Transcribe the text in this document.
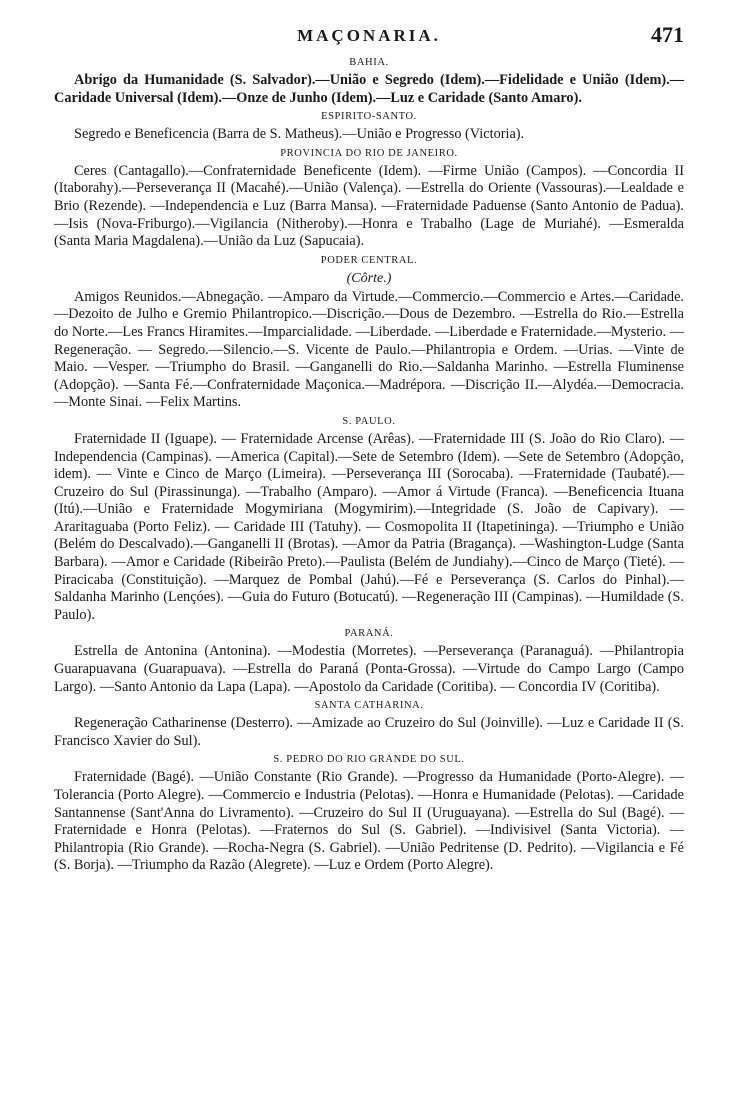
MAÇONARIA.	471
BAHIA.

Abrigo da Humanidade (S. Salvador).—União e Segredo (Idem).—Fidelidade e União (Idem).—Caridade Universal (Idem).—Onze de Junho (Idem).—Luz e Caridade (Santo Amaro).

ESPIRITO-SANTO.

Segredo e Beneficencia (Barra de S. Matheus).—União e Progresso (Victoria).

PROVINCIA DO RIO DE JANEIRO.

Ceres (Cantagallo).—Confraternidade Beneficente (Idem). —Firme União (Campos). —Concordia II (Itaborahy).—Perseverança II (Macahé).—União (Valença). —Estrella do Oriente (Vassouras).—Lealdade e Brio (Rezende). —Independencia e Luz (Barra Mansa). —Fraternidade Paduense (Santo Antonio de Padua). —Isis (Nova-Friburgo).—Vigilancia (Nitheroby).—Honra e Trabalho (Lage de Muriahé). —Esmeralda (Santa Maria Magdalena).—União da Luz (Sapucaia).

PODER CENTRAL.
(Côrte.)

Amigos Reunidos.—Abnegação. —Amparo da Virtude.—Commercio.—Commercio e Artes.—Caridade.—Dezoito de Julho e Gremio Philantropico.—Discrição.—Dous de Dezembro. —Estrella do Rio.—Estrella do Norte.—Les Francs Hiramites.—Imparcialidade. —Liberdade. —Liberdade e Fraternidade.—Mysterio. — Regeneração. — Segredo.—Silencio.—S. Vicente de Paulo.—Philantropia e Ordem. —Urias. —Vinte de Maio. —Vesper. —Triumpho do Brasil. —Ganganelli do Rio.—Saldanha Marinho. —Estrella Fluminense (Adopção). —Santa Fé.—Confraternidade Maçonica.—Madrépora. —Discrição II.—Alydéa.—Democracia. —Monte Sinai. —Felix Martins.

S. PAULO.

Fraternidade II (Iguape). — Fraternidade Arcense (Arêas). —Fraternidade III (S. João do Rio Claro). —Independencia (Campinas). —America (Capital).—Sete de Setembro (Idem). —Sete de Setembro (Adopção, idem). — Vinte e Cinco de Março (Limeira). —Perseverança III (Sorocaba). —Fraternidade (Taubaté).—Cruzeiro do Sul (Pirassinunga). —Trabalho (Amparo). —Amor á Virtude (Franca). —Beneficencia Ituana (Itú).—União e Fraternidade Mogymiriana (Mogymirim).—Integridade (S. João de Capivary). —Araritaguaba (Porto Feliz). — Caridade III (Tatuhy). — Cosmopolita II (Itapetininga). —Triumpho e União (Belém do Descalvado).—Ganganelli II (Brotas). —Amor da Patria (Bragança). —Washington-Ludge (Santa Barbara). —Amor e Caridade (Ribeirão Preto).—Paulista (Belém de Jundiahy).—Cinco de Março (Tieté). —Piracicaba (Constituição). —Marquez de Pombal (Jahú).—Fé e Perseverança (S. Carlos do Pinhal).—Saldanha Marinho (Lençóes). —Guia do Futuro (Botucatú). —Regeneração III (Campinas). —Humildade (S. Paulo).

PARANÁ.

Estrella de Antonina (Antonina). —Modestia (Morretes). —Perseverança (Paranaguá). —Philantropia Guarapuavana (Guarapuava). —Estrella do Paraná (Ponta-Grossa). —Virtude do Campo Largo (Campo Largo). —Santo Antonio da Lapa (Lapa). —Apostolo da Caridade (Coritiba). — Concordia IV (Coritiba).

SANTA CATHARINA.

Regeneração Catharinense (Desterro). —Amizade ao Cruzeiro do Sul (Joinville). —Luz e Caridade II (S. Francisco Xavier do Sul).

S. PEDRO DO RIO GRANDE DO SUL.

Fraternidade (Bagé). —União Constante (Rio Grande). —Progresso da Humanidade (Porto-Alegre). —Tolerancia (Porto Alegre). —Commercio e Industria (Pelotas). —Honra e Humanidade (Pelotas). —Caridade Santannense (Sant'Anna do Livramento). —Cruzeiro do Sul II (Uruguayana). —Estrella do Sul (Bagé). —Fraternidade e Honra (Pelotas). —Fraternos do Sul (S. Gabriel). —Indivisivel (Santa Victoria). —Philantropia (Rio Grande). —Rocha-Negra (S. Gabriel). —União Pedritense (D. Pedrito). —Vigilancia e Fé (S. Borja). —Triumpho da Razão (Alegrete). —Luz e Ordem (Porto Alegre).
